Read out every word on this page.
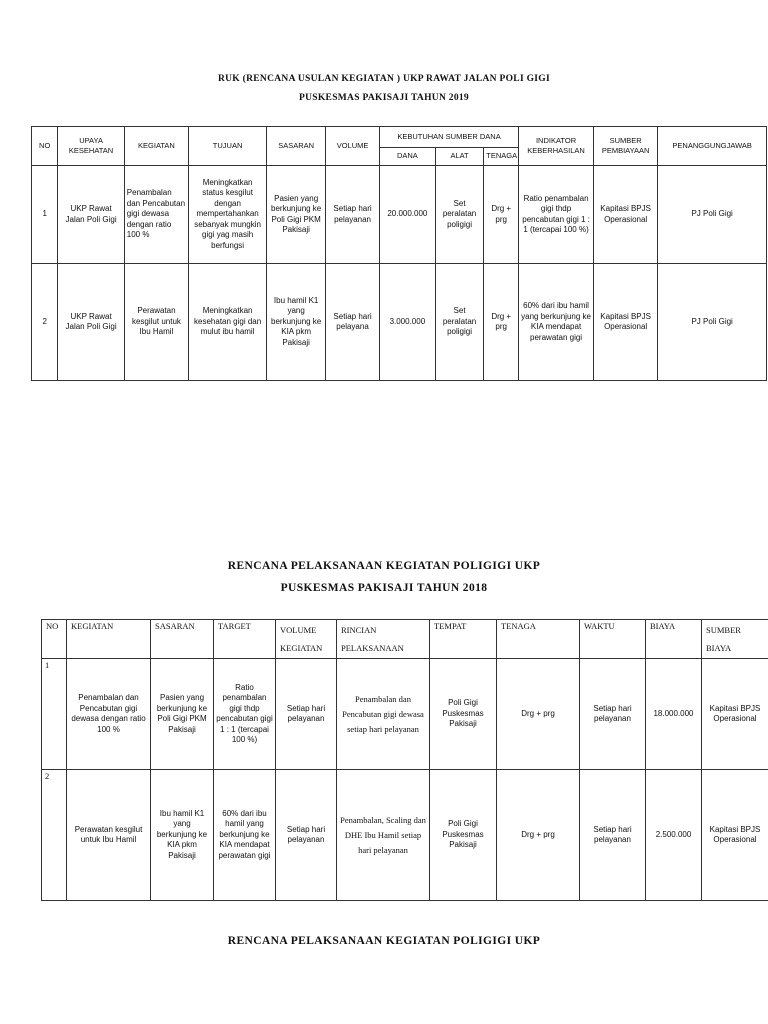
RUK (RENCANA USULAN KEGIATAN ) UKP RAWAT JALAN POLI GIGI
PUSKESMAS PAKISAJI TAHUN 2019
NO	UPAYA KESEHATAN	KEGIATAN	TUJUAN	SASARAN	VOLUME	KEBUTUHAN SUMBER DANA			INDIKATOR KEBERHASILAN	SUMBER PEMBIAYAAN	PENANGGUNGJAWAB
						DANA	ALAT	TENAGA			
1	UKP Rawat Jalan Poli Gigi	Penambalan dan Pencabutan gigi dewasa dengan ratio 100 %	Meningkatkan status kesgilut dengan mempertahankan sebanyak mungkin gigi yag masih berfungsi	Pasien yang berkunjung ke Poli Gigi PKM Pakisaji	Setiap hari pelayanan	20.000.000	Set peralatan poligigi	Drg + prg	Ratio penambalan gigi thdp pencabutan gigi 1 : 1 (tercapai 100 %)	Kapitasi BPJS Operasional	PJ Poli Gigi
2	UKP Rawat Jalan Poli Gigi	Perawatan kesgilut untuk Ibu Hamil	Meningkatkan kesehatan gigi dan mulut ibu hamil	Ibu hamil K1 yang berkunjung ke KIA pkm Pakisaji	Setiap hari pelayana	3.000.000	Set peralatan poligigi	Drg + prg	60% dari ibu hamil yang berkunjung ke KIA mendapat perawatan gigi	Kapitasi BPJS Operasional	PJ Poli Gigi
RENCANA PELAKSANAAN KEGIATAN POLIGIGI UKP
PUSKESMAS PAKISAJI TAHUN 2018
NO	KEGIATAN	SASARAN	TARGET	VOLUME KEGIATAN	RINCIAN PELAKSANAAN	TEMPAT	TENAGA	WAKTU	BIAYA	SUMBER BIAYA
1	Penambalan dan Pencabutan gigi dewasa dengan ratio 100 %	Pasien yang berkunjung ke Poli Gigi PKM Pakisaji	Ratio penambalan gigi thdp pencabutan gigi 1 : 1 (tercapai 100 %)	Setiap hari pelayanan	Penambalan dan Pencabutan gigi dewasa setiap hari pelayanan	Poli Gigi Puskesmas Pakisaji	Drg + prg	Setiap hari pelayanan	18.000.000	Kapitasi BPJS Operasional
2	Perawatan kesgilut untuk Ibu Hamil	Ibu hamil K1 yang berkunjung ke KIA pkm Pakisaji	60% dari ibu hamil yang berkunjung ke KIA mendapat perawatan gigi	Setiap hari pelayanan	Penambalan, Scaling dan DHE Ibu Hamil setiap hari pelayanan	Poli Gigi Puskesmas Pakisaji	Drg + prg	Setiap hari pelayanan	2.500.000	Kapitasi BPJS Operasional
RENCANA PELAKSANAAN KEGIATAN POLIGIGI UKP
